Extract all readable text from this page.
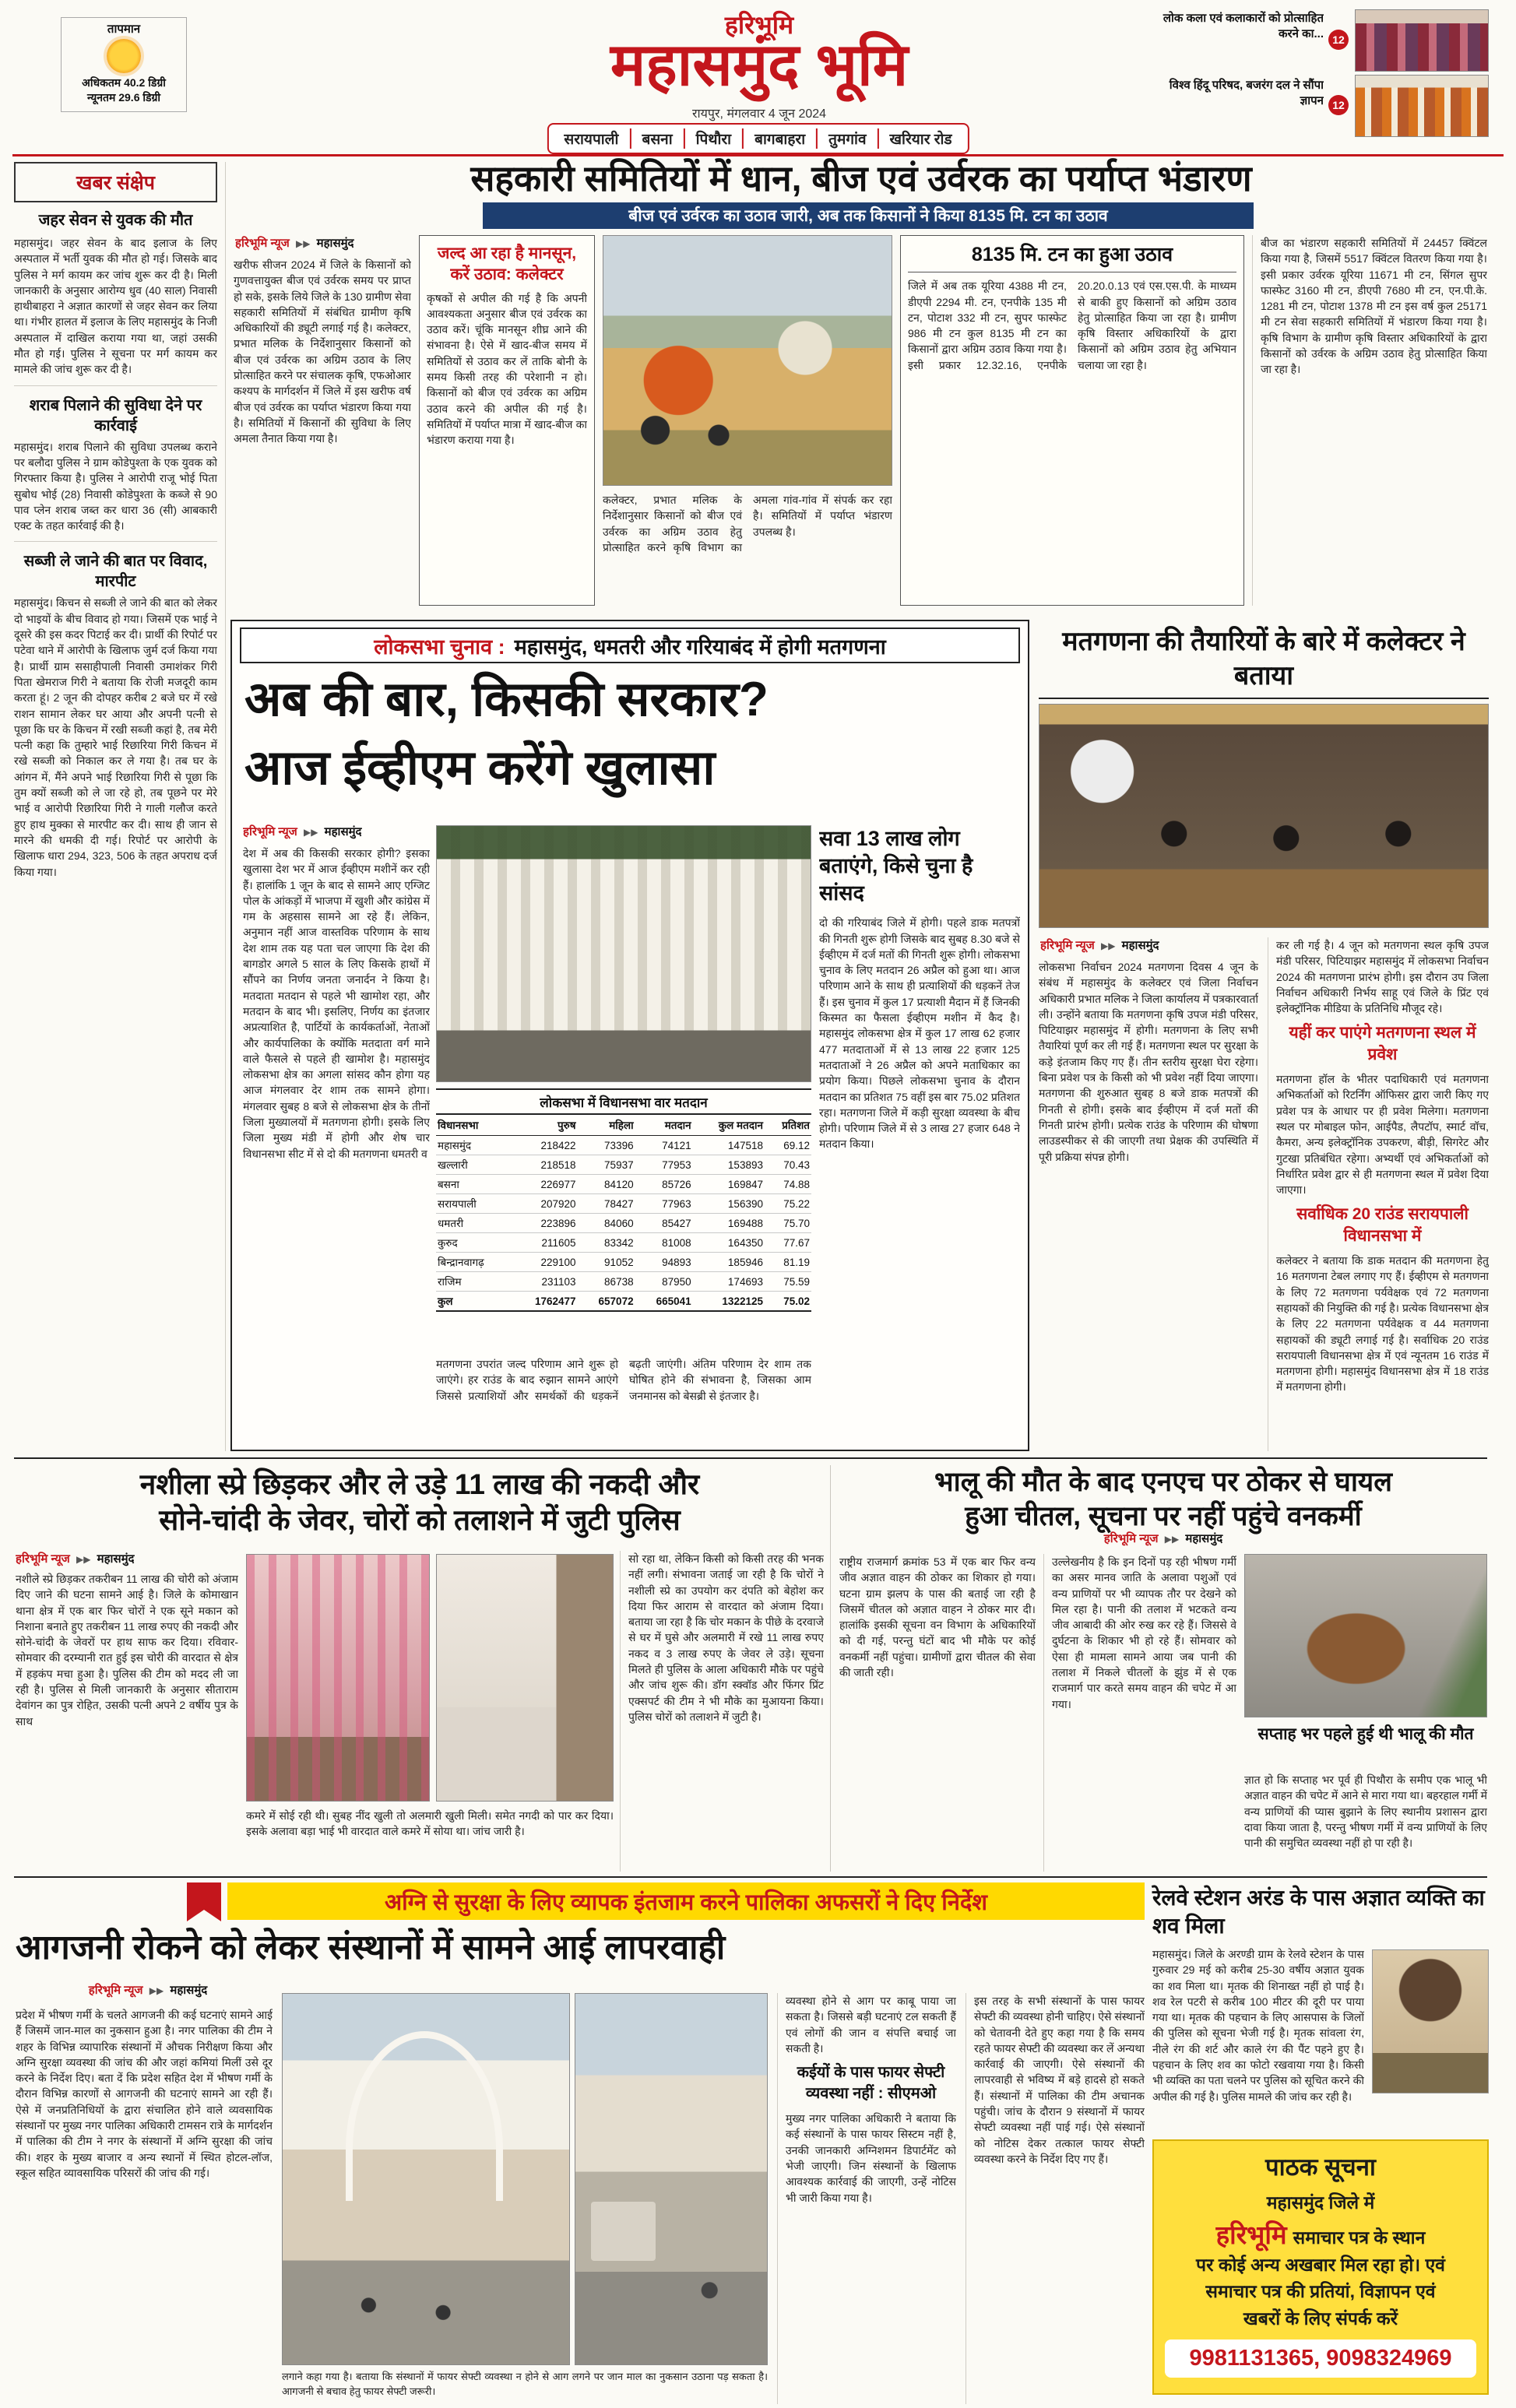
तापमान
अधिकतम 40.2 डिग्री
न्यूनतम 29.6 डिग्री
हरिभूमि
महासमुंद भूमि
रायपुर, मंगलवार 4 जून 2024
सरायपाली	बसना	पिथौरा	बागबाहरा	तुमगांव	खरियार रोड
लोक कला एवं कलाकारों को प्रोत्साहित करने का... 12
विश्व हिंदू परिषद, बजरंग दल ने सौंपा ज्ञापन 12
खबर संक्षेप
जहर सेवन से युवक की मौत
महासमुंद। जहर सेवन के बाद इलाज के लिए अस्पताल में भर्ती युवक की मौत हो गई। जिसके बाद पुलिस ने मर्ग कायम कर जांच शुरू कर दी है। मिली जानकारी के अनुसार आरोग्य धुव (40 साल) निवासी हाथीबाहरा ने अज्ञात कारणों से जहर सेवन कर लिया था। गंभीर हालत में इलाज के लिए महासमुंद के निजी अस्पताल में दाखिल कराया गया था, जहां उसकी मौत हो गई। पुलिस ने सूचना पर मर्ग कायम कर मामले की जांच शुरू कर दी है।
शराब पिलाने की सुविधा देने पर कार्रवाई
महासमुंद। शराब पिलाने की सुविधा उपलब्ध कराने पर बलौदा पुलिस ने ग्राम कोडेपुश्ता के एक युवक को गिरफ्तार किया है। पुलिस ने आरोपी राजू भोई पिता सुबोध भोई (28) निवासी कोडेपुश्ता के कब्जे से 90 पाव प्लेन शराब जब्त कर धारा 36 (सी) आबकारी एक्ट के तहत कार्रवाई की है।
सब्जी ले जाने की बात पर विवाद, मारपीट
महासमुंद। किचन से सब्जी ले जाने की बात को लेकर दो भाइयों के बीच विवाद हो गया। जिसमें एक भाई ने दूसरे की इस कदर पिटाई कर दी। प्रार्थी की रिपोर्ट पर पटेवा थाने में आरोपी के खिलाफ जुर्म दर्ज किया गया है। प्रार्थी ग्राम ससाहीपाली निवासी उमाशंकर गिरी पिता खेमराज गिरी ने बताया कि रोजी मजदूरी काम करता हूं। 2 जून की दोपहर करीब 2 बजे घर में रखे राशन सामान लेकर घर आया और अपनी पत्नी से पूछा कि घर के किचन में रखी सब्जी कहां है, तब मेरी पत्नी कहा कि तुम्हारे भाई रिछारिया गिरी किचन में रखे सब्जी को निकाल कर ले गया है। तब घर के आंगन में, मैंने अपने भाई रिछारिया गिरी से पूछा कि तुम क्यों सब्जी को ले जा रहे हो, तब पूछने पर मेरे भाई व आरोपी रिछारिया गिरी ने गाली गलौज करते हुए हाथ मुक्का से मारपीट कर दी। साथ ही जान से मारने की धमकी दी गई। रिपोर्ट पर आरोपी के खिलाफ धारा 294, 323, 506 के तहत अपराध दर्ज किया गया।
सहकारी समितियों में धान, बीज एवं उर्वरक का पर्याप्त भंडारण
बीज एवं उर्वरक का उठाव जारी, अब तक किसानों ने किया 8135 मि. टन का उठाव
हरिभूमि न्यूज ▶▶ महासमुंद
खरीफ सीजन 2024 में जिले के किसानों को गुणवत्तायुक्त बीज एवं उर्वरक समय पर प्राप्त हो सके, इसके लिये जिले के 130 ग्रामीण सेवा सहकारी समितियों में संबंधित ग्रामीण कृषि अधिकारियों की ड्यूटी लगाई गई है। कलेक्टर, प्रभात मलिक के निर्देशानुसार किसानों को बीज एवं उर्वरक का अग्रिम उठाव के लिए प्रोत्साहित करने पर संचालक कृषि, एफओआर कश्यप के मार्गदर्शन में जिले में इस खरीफ वर्ष बीज एवं उर्वरक का पर्याप्त भंडारण किया गया है। समितियों में किसानों की सुविधा के लिए अमला तैनात किया गया है।
जल्द आ रहा है मानसून, करें उठाव: कलेक्टर
कृषकों से अपील की गई है कि अपनी आवश्यकता अनुसार बीज एवं उर्वरक का उठाव करें। चूंकि मानसून शीघ्र आने की संभावना है। ऐसे में खाद-बीज समय में समितियों से उठाव कर लें ताकि बोनी के समय किसी तरह की परेशानी न हो। किसानों को बीज एवं उर्वरक का अग्रिम उठाव करने की अपील की गई है। समितियों में पर्याप्त मात्रा में खाद-बीज का भंडारण कराया गया है।
कलेक्टर, प्रभात मलिक के निर्देशानुसार किसानों को बीज एवं उर्वरक का अग्रिम उठाव हेतु प्रोत्साहित करने कृषि विभाग का अमला गांव-गांव में संपर्क कर रहा है। समितियों में पर्याप्त भंडारण उपलब्ध है।
8135 मि. टन का हुआ उठाव
जिले में अब तक यूरिया 4388 मी टन, डीएपी 2294 मी. टन, एनपीके 135 मी टन, पोटाश 332 मी टन, सुपर फास्फेट 986 मी टन कुल 8135 मी टन का किसानों द्वारा अग्रिम उठाव किया गया है। इसी प्रकार 12.32.16, एनपीके 20.20.0.13 एवं एस.एस.पी. के माध्यम से बाकी हुए किसानों को अग्रिम उठाव हेतु प्रोत्साहित किया जा रहा है। ग्रामीण कृषि विस्तार अधिकारियों के द्वारा किसानों को अग्रिम उठाव हेतु अभियान चलाया जा रहा है।
बीज का भंडारण सहकारी समितियों में 24457 क्विंटल किया गया है, जिसमें 5517 क्विंटल वितरण किया गया है। इसी प्रकार उर्वरक यूरिया 11671 मी टन, सिंगल सुपर फास्फेट 3160 मी टन, डीएपी 7680 मी टन, एन.पी.के. 1281 मी टन, पोटाश 1378 मी टन इस वर्ष कुल 25171 मी टन सेवा सहकारी समितियों में भंडारण किया गया है। कृषि विभाग के ग्रामीण कृषि विस्तार अधिकारियों के द्वारा किसानों को उर्वरक के अग्रिम उठाव हेतु प्रोत्साहित किया जा रहा है।
लोकसभा चुनाव : महासमुंद, धमतरी और गरियाबंद में होगी मतगणना
अब की बार, किसकी सरकार?
आज ईव्हीएम करेंगे खुलासा
हरिभूमि न्यूज ▶▶ महासमुंद
देश में अब की किसकी सरकार होगी? इसका खुलासा देश भर में आज ईव्हीएम मशीनें कर रही हैं। हालांकि 1 जून के बाद से सामने आए एग्जिट पोल के आंकड़ों में भाजपा में खुशी और कांग्रेस में गम के अहसास सामने आ रहे हैं। लेकिन, अनुमान नहीं आज वास्तविक परिणाम के साथ देश शाम तक यह पता चल जाएगा कि देश की बागडोर अगले 5 साल के लिए किसके हाथों में सौंपने का निर्णय जनता जनार्दन ने किया है। मतदाता मतदान से पहले भी खामोश रहा, और मतदान के बाद भी। इसलिए, निर्णय का इंतजार अप्रत्याशित है, पार्टियों के कार्यकर्ताओं, नेताओं और कार्यपालिका के क्योंकि मतदाता वर्ग माने वाले फैसले से पहले ही खामोश है। महासमुंद लोकसभा क्षेत्र का अगला सांसद कौन होगा यह आज मंगलवार देर शाम तक सामने होगा। मंगलवार सुबह 8 बजे से लोकसभा क्षेत्र के तीनों जिला मुख्यालयों में मतगणना होगी। इसके लिए जिला मुख्य मंडी में होगी और शेष चार विधानसभा सीट में से दो की मतगणना धमतरी व
लोकसभा में विधानसभा वार मतदान
विधानसभा	पुरुष	महिला	मतदान	कुल मतदान	प्रतिशत
महासमुंद	218422	73396	74121	147518	69.12
खल्लारी	218518	75937	77953	153893	70.43
बसना	226977	84120	85726	169847	74.88
सरायपाली	207920	78427	77963	156390	75.22
धमतरी	223896	84060	85427	169488	75.70
कुरुद	211605	83342	81008	164350	77.67
बिन्द्रानवागढ़	229100	91052	94893	185946	81.19
राजिम	231103	86738	87950	174693	75.59
कुल	1762477	657072	665041	1322125	75.02
मतगणना उपरांत जल्द परिणाम आने शुरू हो जाएंगे। हर राउंड के बाद रुझान सामने आएंगे जिससे प्रत्याशियों और समर्थकों की धड़कनें बढ़ती जाएंगी। अंतिम परिणाम देर शाम तक घोषित होने की संभावना है, जिसका आम जनमानस को बेसब्री से इंतजार है।
सवा 13 लाख लोग बताएंगे, किसे चुना है सांसद
दो की गरियाबंद जिले में होगी। पहले डाक मतपत्रों की गिनती शुरू होगी जिसके बाद सुबह 8.30 बजे से ईव्हीएम में दर्ज मतों की गिनती शुरू होगी। लोकसभा चुनाव के लिए मतदान 26 अप्रैल को हुआ था। आज परिणाम आने के साथ ही प्रत्याशियों की धड़कनें तेज हैं। इस चुनाव में कुल 17 प्रत्याशी मैदान में हैं जिनकी किस्मत का फैसला ईव्हीएम मशीन में कैद है। महासमुंद लोकसभा क्षेत्र में कुल 17 लाख 62 हजार 477 मतदाताओं में से 13 लाख 22 हजार 125 मतदाताओं ने 26 अप्रैल को अपने मताधिकार का प्रयोग किया। पिछले लोकसभा चुनाव के दौरान मतदान का प्रतिशत 75 वहीं इस बार 75.02 प्रतिशत रहा। मतगणना जिले में कड़ी सुरक्षा व्यवस्था के बीच होगी। परिणाम जिले में से 3 लाख 27 हजार 648 ने मतदान किया।
मतगणना की तैयारियों के बारे में कलेक्टर ने बताया
हरिभूमि न्यूज ▶▶ महासमुंद
लोकसभा निर्वाचन 2024 मतगणना दिवस 4 जून के संबंध में महासमुंद के कलेक्टर एवं जिला निर्वाचन अधिकारी प्रभात मलिक ने जिला कार्यालय में पत्रकारवार्ता ली। उन्होंने बताया कि मतगणना कृषि उपज मंडी परिसर, पिटियाझर महासमुंद में होगी। मतगणना के लिए सभी तैयारियां पूर्ण कर ली गई हैं। मतगणना स्थल पर सुरक्षा के कड़े इंतजाम किए गए हैं। तीन स्तरीय सुरक्षा घेरा रहेगा। बिना प्रवेश पत्र के किसी को भी प्रवेश नहीं दिया जाएगा। मतगणना की शुरुआत सुबह 8 बजे डाक मतपत्रों की गिनती से होगी। इसके बाद ईव्हीएम में दर्ज मतों की गिनती प्रारंभ होगी। प्रत्येक राउंड के परिणाम की घोषणा लाउडस्पीकर से की जाएगी तथा प्रेक्षक की उपस्थिति में पूरी प्रक्रिया संपन्न होगी।
कर ली गई है। 4 जून को मतगणना स्थल कृषि उपज मंडी परिसर, पिटियाझर महासमुंद में लोकसभा निर्वाचन 2024 की मतगणना प्रारंभ होगी। इस दौरान उप जिला निर्वाचन अधिकारी निर्भय साहू एवं जिले के प्रिंट एवं इलेक्ट्रॉनिक मीडिया के प्रतिनिधि मौजूद रहे।
यहीं कर पाएंगे मतगणना स्थल में प्रवेश
मतगणना हॉल के भीतर पदाधिकारी एवं मतगणना अभिकर्ताओं को रिटर्निंग ऑफिसर द्वारा जारी किए गए प्रवेश पत्र के आधार पर ही प्रवेश मिलेगा। मतगणना स्थल पर मोबाइल फोन, आईपैड, लैपटॉप, स्मार्ट वॉच, कैमरा, अन्य इलेक्ट्रॉनिक उपकरण, बीड़ी, सिगरेट और गुटखा प्रतिबंधित रहेगा। अभ्यर्थी एवं अभिकर्ताओं को निर्धारित प्रवेश द्वार से ही मतगणना स्थल में प्रवेश दिया जाएगा।
सर्वाधिक 20 राउंड सरायपाली विधानसभा में
कलेक्टर ने बताया कि डाक मतदान की मतगणना हेतु 16 मतगणना टेबल लगाए गए हैं। ईव्हीएम से मतगणना के लिए 72 मतगणना पर्यवेक्षक एवं 72 मतगणना सहायकों की नियुक्ति की गई है। प्रत्येक विधानसभा क्षेत्र के लिए 22 मतगणना पर्यवेक्षक व 44 मतगणना सहायकों की ड्यूटी लगाई गई है। सर्वाधिक 20 राउंड सरायपाली विधानसभा क्षेत्र में एवं न्यूनतम 16 राउंड में मतगणना होगी। महासमुंद विधानसभा क्षेत्र में 18 राउंड में मतगणना होगी।
नशीला स्प्रे छिड़कर और ले उड़े 11 लाख की नकदी और
सोने-चांदी के जेवर, चोरों को तलाशने में जुटी पुलिस
हरिभूमि न्यूज ▶▶ महासमुंद
नशीले स्प्रे छिड़कर तकरीबन 11 लाख की चोरी को अंजाम दिए जाने की घटना सामने आई है। जिले के कोमाखान थाना क्षेत्र में एक बार फिर चोरों ने एक सूने मकान को निशाना बनाते हुए तकरीबन 11 लाख रुपए की नकदी और सोने-चांदी के जेवरों पर हाथ साफ कर दिया। रविवार-सोमवार की दरम्यानी रात हुई इस चोरी की वारदात से क्षेत्र में हड़कंप मचा हुआ है। पुलिस की टीम को मदद ली जा रही है। पुलिस से मिली जानकारी के अनुसार सीताराम देवांगन का पुत्र रोहित, उसकी पत्नी अपने 2 वर्षीय पुत्र के साथ
कमरे में सोई रही थी। सुबह नींद खुली तो अलमारी खुली मिली। समेत नगदी को पार कर दिया। इसके अलावा बड़ा भाई भी वारदात वाले कमरे में सोया था। जांच जारी है।
सो रहा था, लेकिन किसी को किसी तरह की भनक नहीं लगी। संभावना जताई जा रही है कि चोरों ने नशीली स्प्रे का उपयोग कर दंपति को बेहोश कर दिया फिर आराम से वारदात को अंजाम दिया। बताया जा रहा है कि चोर मकान के पीछे के दरवाजे से घर में घुसे और अलमारी में रखे 11 लाख रुपए नकद व 3 लाख रुपए के जेवर ले उड़े। सूचना मिलते ही पुलिस के आला अधिकारी मौके पर पहुंचे और जांच शुरू की। डॉग स्क्वॉड और फिंगर प्रिंट एक्सपर्ट की टीम ने भी मौके का मुआयना किया। पुलिस चोरों को तलाशने में जुटी है।
भालू की मौत के बाद एनएच पर ठोकर से घायल
हुआ चीतल, सूचना पर नहीं पहुंचे वनकर्मी
हरिभूमि न्यूज ▶▶ महासमुंद
राष्ट्रीय राजमार्ग क्रमांक 53 में एक बार फिर वन्य जीव अज्ञात वाहन की ठोकर का शिकार हो गया। घटना ग्राम झलप के पास की बताई जा रही है जिसमें चीतल को अज्ञात वाहन ने ठोकर मार दी। हालांकि इसकी सूचना वन विभाग के अधिकारियों को दी गई, परन्तु घंटों बाद भी मौके पर कोई वनकर्मी नहीं पहुंचा। ग्रामीणों द्वारा चीतल की सेवा की जाती रही।
उल्लेखनीय है कि इन दिनों पड़ रही भीषण गर्मी का असर मानव जाति के अलावा पशुओं एवं वन्य प्राणियों पर भी व्यापक तौर पर देखने को मिल रहा है। पानी की तलाश में भटकते वन्य जीव आबादी की ओर रुख कर रहे हैं। जिससे वे दुर्घटना के शिकार भी हो रहे हैं। सोमवार को ऐसा ही मामला सामने आया जब पानी की तलाश में निकले चीतलों के झुंड में से एक राजमार्ग पार करते समय वाहन की चपेट में आ गया।
सप्ताह भर पहले हुई थी भालू की मौत
ज्ञात हो कि सप्ताह भर पूर्व ही पिथौरा के समीप एक भालू भी अज्ञात वाहन की चपेट में आने से मारा गया था। बहरहाल गर्मी में वन्य प्राणियों की प्यास बुझाने के लिए स्थानीय प्रशासन द्वारा दावा किया जाता है, परन्तु भीषण गर्मी में वन्य प्राणियों के लिए पानी की समुचित व्यवस्था नहीं हो पा रही है।
अग्नि से सुरक्षा के लिए व्यापक इंतजाम करने पालिका अफसरों ने दिए निर्देश
आगजनी रोकने को लेकर संस्थानों में सामने आई लापरवाही
हरिभूमि न्यूज ▶▶ महासमुंद
प्रदेश में भीषण गर्मी के चलते आगजनी की कई घटनाएं सामने आई हैं जिसमें जान-माल का नुकसान हुआ है। नगर पालिका की टीम ने शहर के विभिन्न व्यापारिक संस्थानों में औचक निरीक्षण किया और अग्नि सुरक्षा व्यवस्था की जांच की और जहां कमियां मिलीं उसे दूर करने के निर्देश दिए। बता दें कि प्रदेश सहित देश में भीषण गर्मी के दौरान विभिन्न कारणों से आगजनी की घटनाएं सामने आ रही हैं। ऐसे में जनप्रतिनिधियों के द्वारा संचालित होने वाले व्यवसायिक संस्थानों पर मुख्य नगर पालिका अधिकारी टामसन रात्रे के मार्गदर्शन में पालिका की टीम ने नगर के संस्थानों में अग्नि सुरक्षा की जांच की। शहर के मुख्य बाजार व अन्य स्थानों में स्थित होटल-लॉज, स्कूल सहित व्यावसायिक परिसरों की जांच की गई।
लगाने कहा गया है। बताया कि संस्थानों में फायर सेफ्टी व्यवस्था न होने से आग लगने पर जान माल का नुकसान उठाना पड़ सकता है। आगजनी से बचाव हेतु फायर सेफ्टी जरूरी।
व्यवस्था होने से आग पर काबू पाया जा सकता है। जिससे बड़ी घटनाएं टल सकती हैं एवं लोगों की जान व संपत्ति बचाई जा सकती है।
कईयों के पास फायर सेफ्टी व्यवस्था नहीं : सीएमओ
मुख्य नगर पालिका अधिकारी ने बताया कि कई संस्थानों के पास फायर सिस्टम नहीं है, उनकी जानकारी अग्निशमन डिपार्टमेंट को भेजी जाएगी। जिन संस्थानों के खिलाफ आवश्यक कार्रवाई की जाएगी, उन्हें नोटिस भी जारी किया गया है।
इस तरह के सभी संस्थानों के पास फायर सेफ्टी की व्यवस्था होनी चाहिए। ऐसे संस्थानों को चेतावनी देते हुए कहा गया है कि समय रहते फायर सेफ्टी की व्यवस्था कर लें अन्यथा कार्रवाई की जाएगी। ऐसे संस्थानों की लापरवाही से भविष्य में बड़े हादसे हो सकते हैं। संस्थानों में पालिका की टीम अचानक पहुंची। जांच के दौरान 9 संस्थानों में फायर सेफ्टी व्यवस्था नहीं पाई गई। ऐसे संस्थानों को नोटिस देकर तत्काल फायर सेफ्टी व्यवस्था करने के निर्देश दिए गए हैं।
रेलवे स्टेशन अरंड के पास अज्ञात व्यक्ति का शव मिला
महासमुंद। जिले के अरण्डी ग्राम के रेलवे स्टेशन के पास गुरुवार 29 मई को करीब 25-30 वर्षीय अज्ञात युवक का शव मिला था। मृतक की शिनाख्त नहीं हो पाई है। शव रेल पटरी से करीब 100 मीटर की दूरी पर पाया गया था। मृतक की पहचान के लिए आसपास के जिलों की पुलिस को सूचना भेजी गई है। मृतक सांवला रंग, नीले रंग की शर्ट और काले रंग की पैंट पहने हुए है। पहचान के लिए शव का फोटो रखवाया गया है। किसी भी व्यक्ति का पता चलने पर पुलिस को सूचित करने की अपील की गई है। पुलिस मामले की जांच कर रही है।
पाठक सूचना
महासमुंद जिले में
हरिभूमि समाचार पत्र के स्थान
पर कोई अन्य अखबार मिल रहा हो। एवं
समाचार पत्र की प्रतियां, विज्ञापन एवं
खबरों के लिए संपर्क करें
9981131365, 9098324969
